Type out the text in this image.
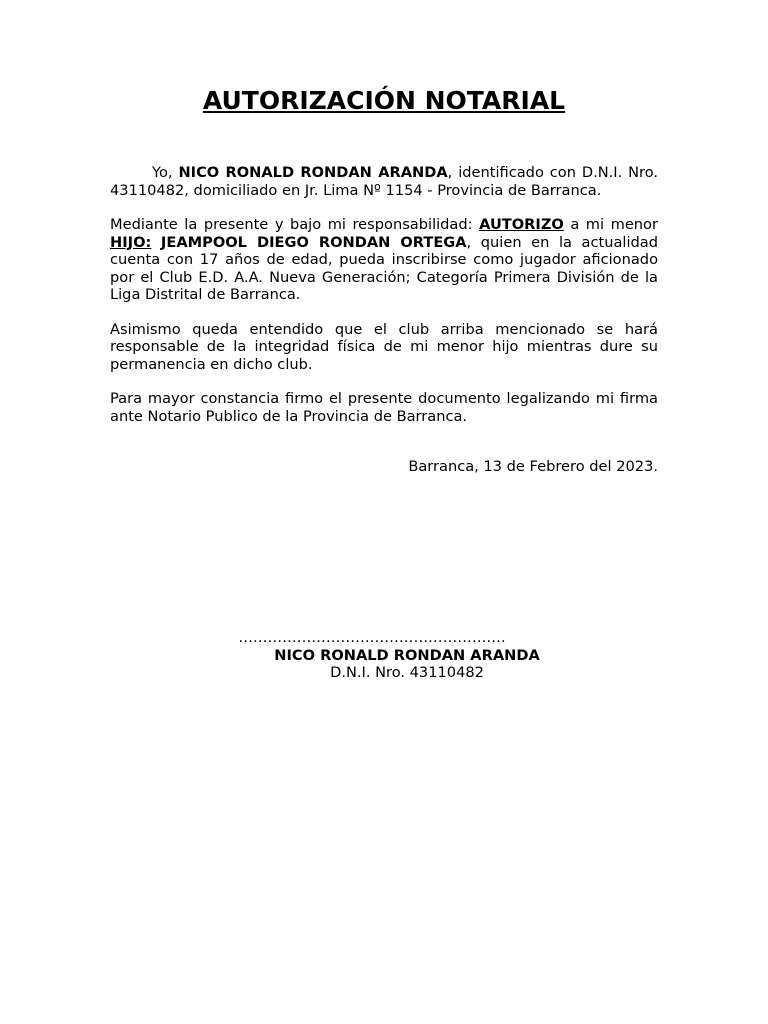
AUTORIZACIÓN NOTARIAL

Yo, NICO RONALD RONDAN ARANDA, identificado con D.N.I. Nro. 43110482, domiciliado en Jr. Lima Nº 1154 - Provincia de Barranca.

Mediante la presente y bajo mi responsabilidad: AUTORIZO a mi menor HIJO: JEAMPOOL DIEGO RONDAN ORTEGA, quien en la actualidad cuenta con 17 años de edad, pueda inscribirse como jugador aficionado por el Club E.D. A.A. Nueva Generación; Categoría Primera División de la Liga Distrital de Barranca.

Asimismo queda entendido que el club arriba mencionado se hará responsable de la integridad física de mi menor hijo mientras dure su permanencia en dicho club.

Para mayor constancia firmo el presente documento legalizando mi firma ante Notario Publico de la Provincia de Barranca.

Barranca, 13 de Febrero del 2023.

……………………………………………….
NICO RONALD RONDAN ARANDA
D.N.I. Nro. 43110482
